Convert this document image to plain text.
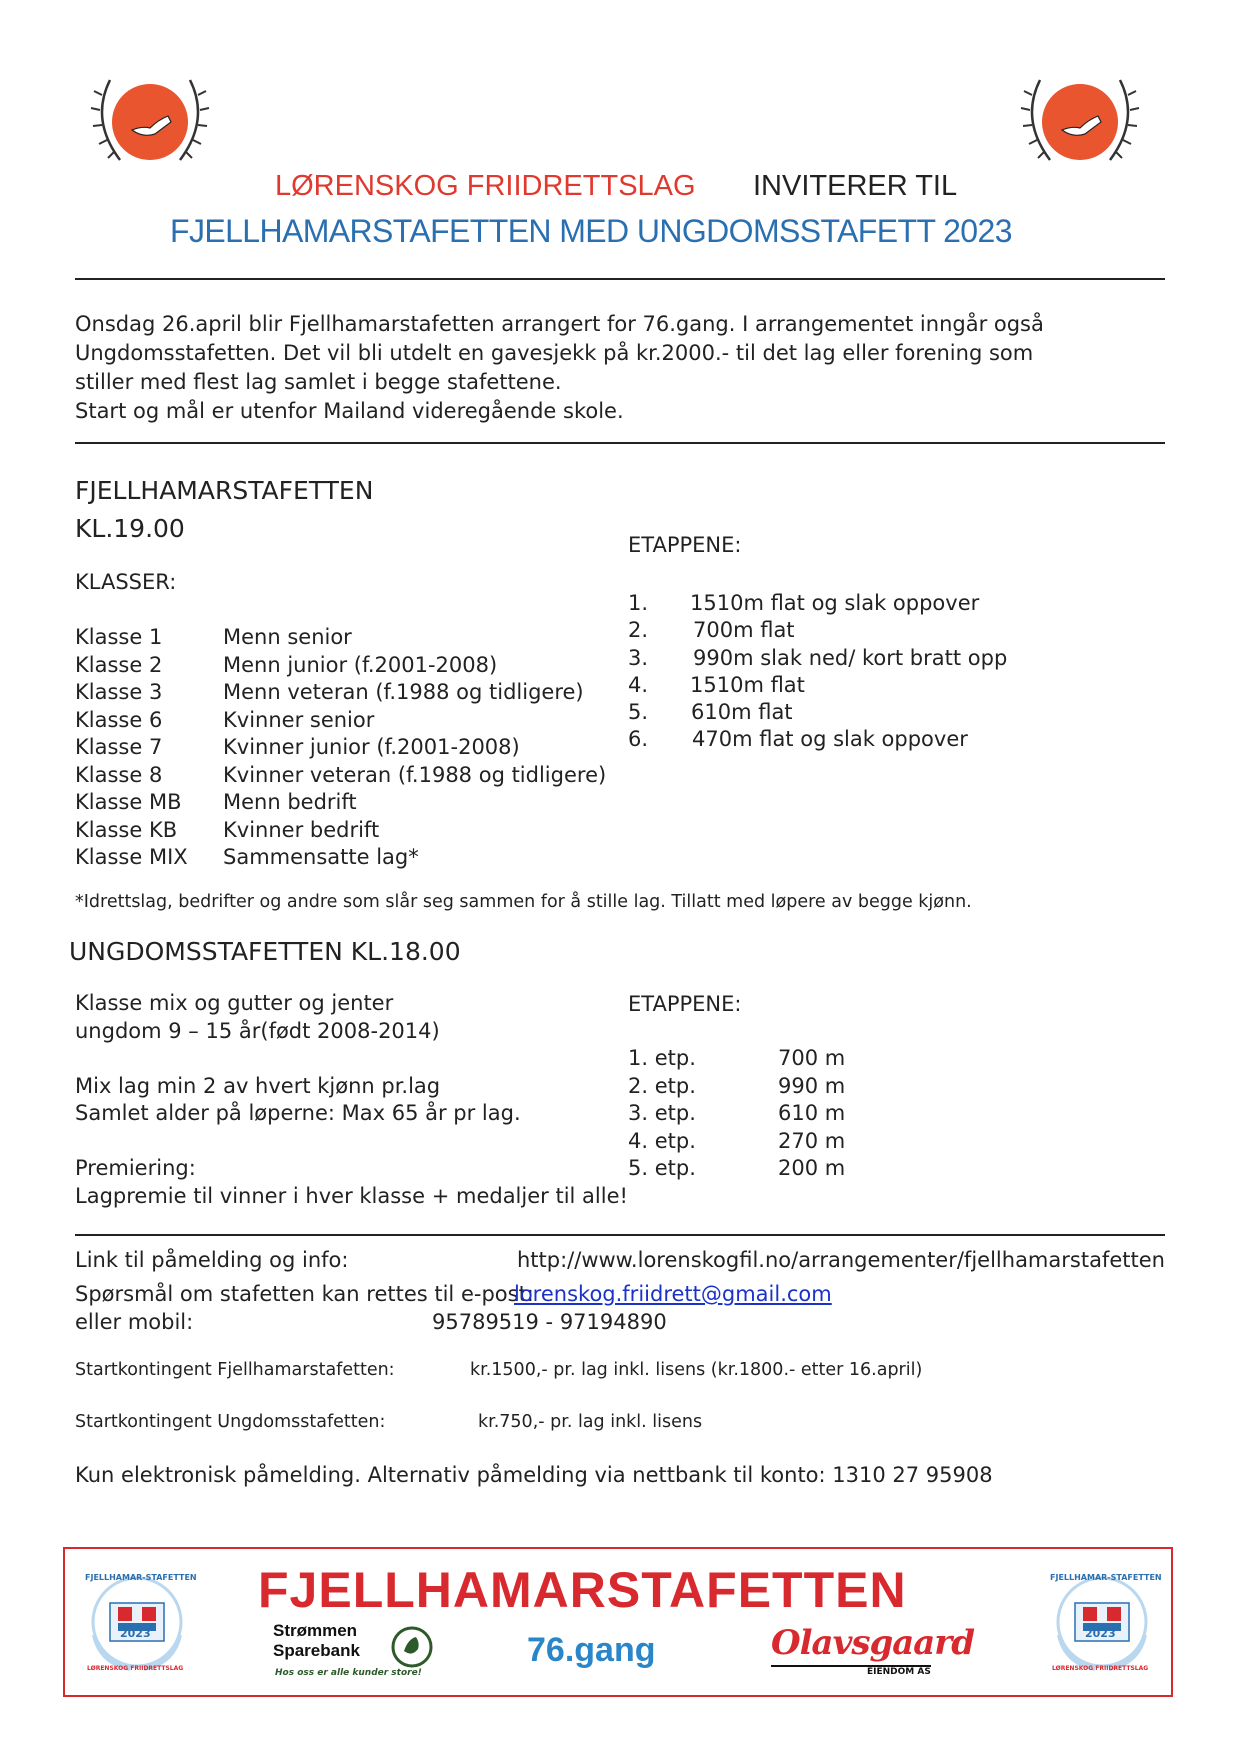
LØRENSKOG FRIIDRETTSLAG INVITERER TIL
FJELLHAMARSTAFETTEN MED UNGDOMSSTAFETT 2023
Onsdag 26.april blir Fjellhamarstafetten arrangert for 76.gang. I arrangementet inngår også
Ungdomsstafetten. Det vil bli utdelt en gavesjekk på kr.2000.- til det lag eller forening som
stiller med flest lag samlet i begge stafettene.
Start og mål er utenfor Mailand videregående skole.
FJELLHAMARSTAFETTEN
KL.19.00
KLASSER:
Klasse 1	Menn senior
Klasse 2	Menn junior (f.2001-2008)
Klasse 3	Menn veteran (f.1988 og tidligere)
Klasse 6	Kvinner senior
Klasse 7	Kvinner junior (f.2001-2008)
Klasse 8	Kvinner veteran (f.1988 og tidligere)
Klasse MB Menn bedrift
Klasse KB Kvinner bedrift
Klasse MIX Sammensatte lag*
ETAPPENE:
1. 1510m flat og slak oppover
2. 700m flat
3. 990m slak ned/ kort bratt opp
4. 1510m flat
5. 610m flat
6. 470m flat og slak oppover
*Idrettslag, bedrifter og andre som slår seg sammen for å stille lag. Tillatt med løpere av begge kjønn.
UNGDOMSSTAFETTEN KL.18.00
Klasse mix og gutter og jenter
ungdom 9 – 15 år(født 2008-2014)
Mix lag min 2 av hvert kjønn pr.lag
Samlet alder på løperne: Max 65 år pr lag.
Premiering:
Lagpremie til vinner i hver klasse + medaljer til alle!
ETAPPENE:
1. etp.	700 m
2. etp.	990 m
3. etp.	610 m
4. etp.	270 m
5. etp.	200 m
Link til påmelding og info:	http://www.lorenskogfil.no/arrangementer/fjellhamarstafetten
Spørsmål om stafetten kan rettes til e-post:
lorenskog.friidrett@gmail.com
eller mobil:	95789519 - 97194890
Startkontingent Fjellhamarstafetten:	kr.1500,- pr. lag inkl. lisens (kr.1800.- etter 16.april)
Startkontingent Ungdomsstafetten:	kr.750,- pr. lag inkl. lisens
Kun elektronisk påmelding. Alternativ påmelding via nettbank til konto: 1310 27 95908
FJELLHAMAR-STAFETTEN
2023
LØRENSKOG FRIIDRETTSLAG
FJELLHAMAR-STAFETTEN
2023
LØRENSKOG FRIIDRETTSLAG
FJELLHAMARSTAFETTEN
Strømmen
Sparebank
Hos oss er alle kunder store!
76.gang	Olavsgaard
EIENDOM AS
